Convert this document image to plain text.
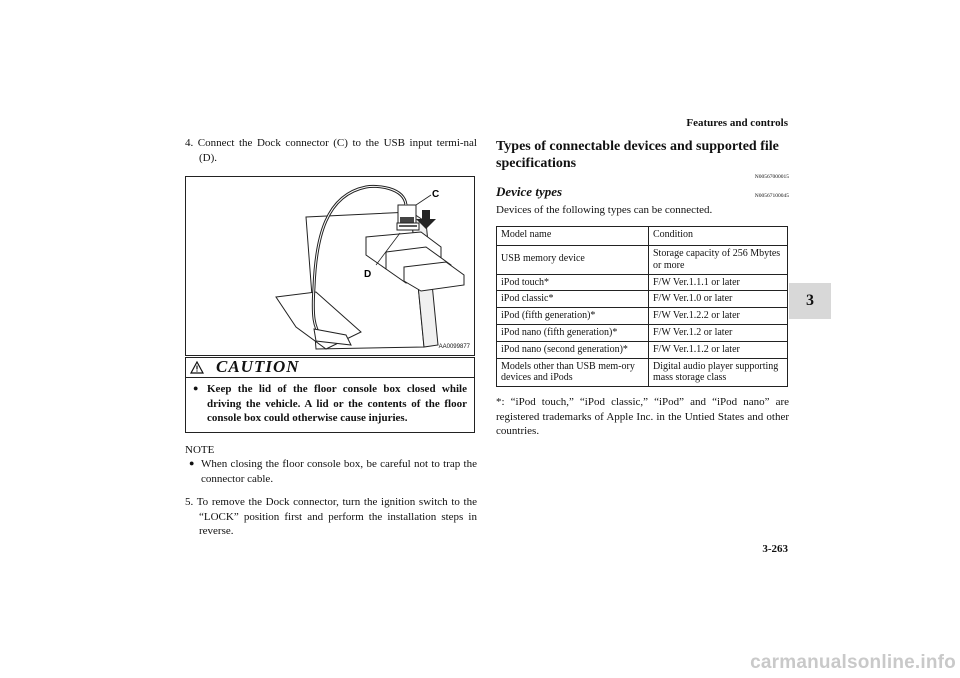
Features and controls
3

4. Connect the Dock connector (C) to the USB input termi-nal (D).

C
D
AA0099877
CAUTION
● Keep the lid of the floor console box closed while driving the vehicle. A lid or the contents of the floor console box could otherwise cause injuries.
NOTE
● When closing the floor console box, be careful not to trap the connector cable.

5. To remove the Dock connector, turn the ignition switch to the “LOCK” position first and perform the installation steps in reverse.

Types of connectable devices and supported file specifications
N00567000015
Device types	N00567100045
Devices of the following types can be connected.
Model name	Condition
USB memory device	Storage capacity of 256 Mbytes or more
iPod touch*	F/W Ver.1.1.1 or later
iPod classic*	F/W Ver.1.0 or later
iPod (fifth generation)*	F/W Ver.1.2.2 or later
iPod nano (fifth generation)*	F/W Ver.1.2 or later
iPod nano (second generation)*	F/W Ver.1.1.2 or later
Models other than USB mem-ory devices and iPods	Digital audio player supporting mass storage class
*: “iPod touch,” “iPod classic,” “iPod” and “iPod nano” are registered trademarks of Apple Inc. in the Untied States and other countries.
3-263
carmanualsonline.info
